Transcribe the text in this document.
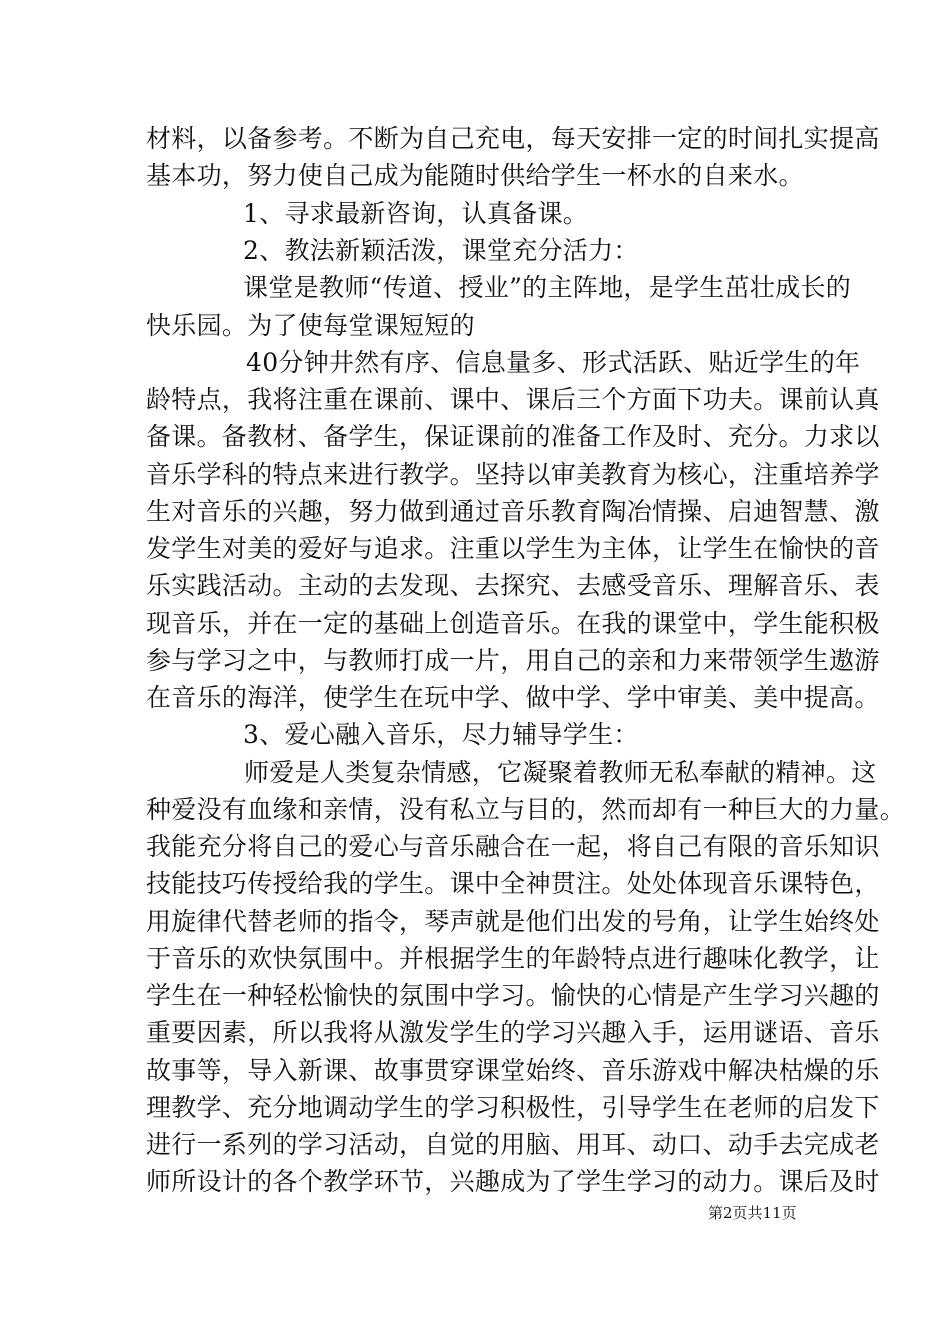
材料，以备参考。不断为自己充电，每天安排一定的时间扎实提高
基本功，努力使自己成为能随时供给学生一杯水的自来水。
1、寻求最新咨询，认真备课。
2、教法新颖活泼，课堂充分活力：
课堂是教师“传道、授业”的主阵地，是学生茁壮成长的
快乐园。为了使每堂课短短的
40分钟井然有序、信息量多、形式活跃、贴近学生的年
龄特点，我将注重在课前、课中、课后三个方面下功夫。课前认真
备课。备教材、备学生，保证课前的准备工作及时、充分。力求以
音乐学科的特点来进行教学。坚持以审美教育为核心，注重培养学
生对音乐的兴趣，努力做到通过音乐教育陶冶情操、启迪智慧、激
发学生对美的爱好与追求。注重以学生为主体，让学生在愉快的音
乐实践活动。主动的去发现、去探究、去感受音乐、理解音乐、表
现音乐，并在一定的基础上创造音乐。在我的课堂中，学生能积极
参与学习之中，与教师打成一片，用自己的亲和力来带领学生遨游
在音乐的海洋，使学生在玩中学、做中学、学中审美、美中提高。
3、爱心融入音乐，尽力辅导学生：
师爱是人类复杂情感，它凝聚着教师无私奉献的精神。这
种爱没有血缘和亲情，没有私立与目的，然而却有一种巨大的力量。
我能充分将自己的爱心与音乐融合在一起，将自己有限的音乐知识
技能技巧传授给我的学生。课中全神贯注。处处体现音乐课特色，
用旋律代替老师的指令，琴声就是他们出发的号角，让学生始终处
于音乐的欢快氛围中。并根据学生的年龄特点进行趣味化教学，让
学生在一种轻松愉快的氛围中学习。愉快的心情是产生学习兴趣的
重要因素，所以我将从激发学生的学习兴趣入手，运用谜语、音乐
故事等，导入新课、故事贯穿课堂始终、音乐游戏中解决枯燥的乐
理教学、充分地调动学生的学习积极性，引导学生在老师的启发下
进行一系列的学习活动，自觉的用脑、用耳、动口、动手去完成老
师所设计的各个教学环节，兴趣成为了学生学习的动力。课后及时
第2页共11页
